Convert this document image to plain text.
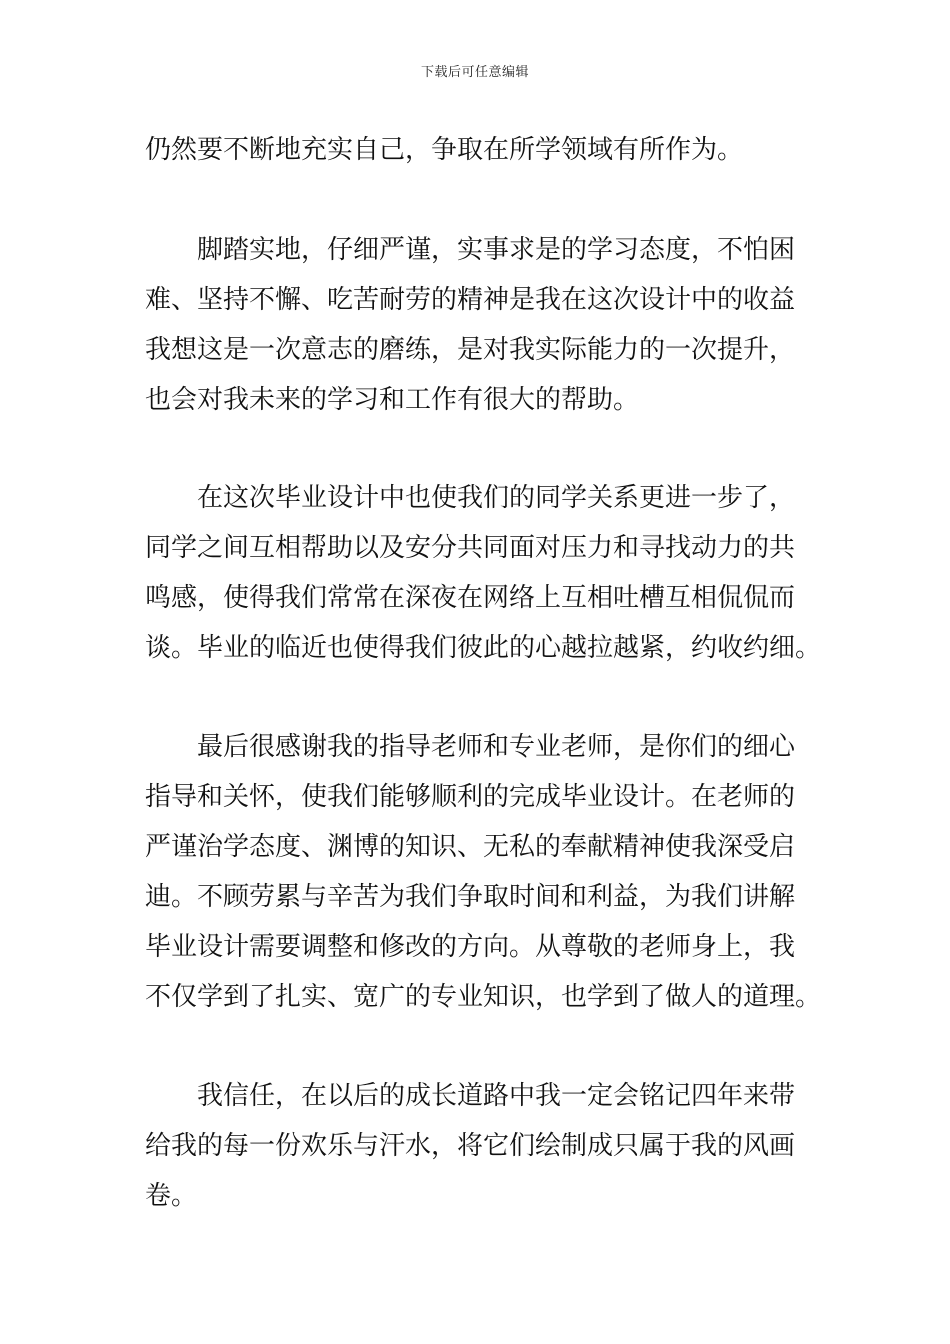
下载后可任意编辑
仍然要不断地充实自己，争取在所学领域有所作为。
脚踏实地，仔细严谨，实事求是的学习态度，不怕困
难、坚持不懈、吃苦耐劳的精神是我在这次设计中的收益
我想这是一次意志的磨练，是对我实际能力的一次提升，
也会对我未来的学习和工作有很大的帮助。
在这次毕业设计中也使我们的同学关系更进一步了，
同学之间互相帮助以及安分共同面对压力和寻找动力的共
鸣感，使得我们常常在深夜在网络上互相吐槽互相侃侃而
谈。毕业的临近也使得我们彼此的心越拉越紧，约收约细。
最后很感谢我的指导老师和专业老师，是你们的细心
指导和关怀，使我们能够顺利的完成毕业设计。在老师的
严谨治学态度、渊博的知识、无私的奉献精神使我深受启
迪。不顾劳累与辛苦为我们争取时间和利益，为我们讲解
毕业设计需要调整和修改的方向。从尊敬的老师身上，我
不仅学到了扎实、宽广的专业知识，也学到了做人的道理。
我信任，在以后的成长道路中我一定会铭记四年来带
给我的每一份欢乐与汗水，将它们绘制成只属于我的风画
卷。
